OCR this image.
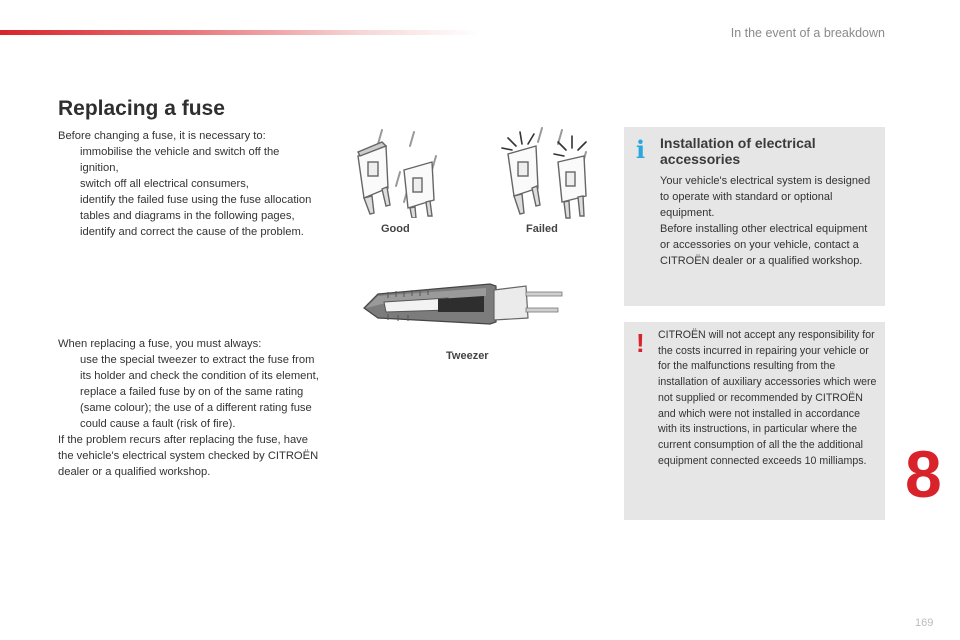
In the event of a breakdown
Replacing a fuse

Before changing a fuse, it is necessary to:

immobilise the vehicle and switch off the ignition,

switch off all electrical consumers,

identify the failed fuse using the fuse allocation tables and diagrams in the following pages,

identify and correct the cause of the problem.

When replacing a fuse, you must always:

use the special tweezer to extract the fuse from its holder and check the condition of its element,

replace a failed fuse by on of the same rating (same colour); the use of a different rating fuse could cause a fault (risk of fire).

If the problem recurs after replacing the fuse, have the vehicle's electrical system checked by CITROËN dealer or a qualified workshop.

Good	Failed
Tweezer
i Installation of electrical accessories

Your vehicle's electrical system is designed to operate with standard or optional equipment.

Before installing other electrical equipment or accessories on your vehicle, contact a CITROËN dealer or a qualified workshop.

! CITROËN will not accept any responsibility for the costs incurred in repairing your vehicle or for the malfunctions resulting from the installation of auxiliary accessories which were not supplied or recommended by CITROËN and which were not installed in accordance with its instructions, in particular where the current consumption of all the the additional equipment connected exceeds 10 milliamps. 8
169
